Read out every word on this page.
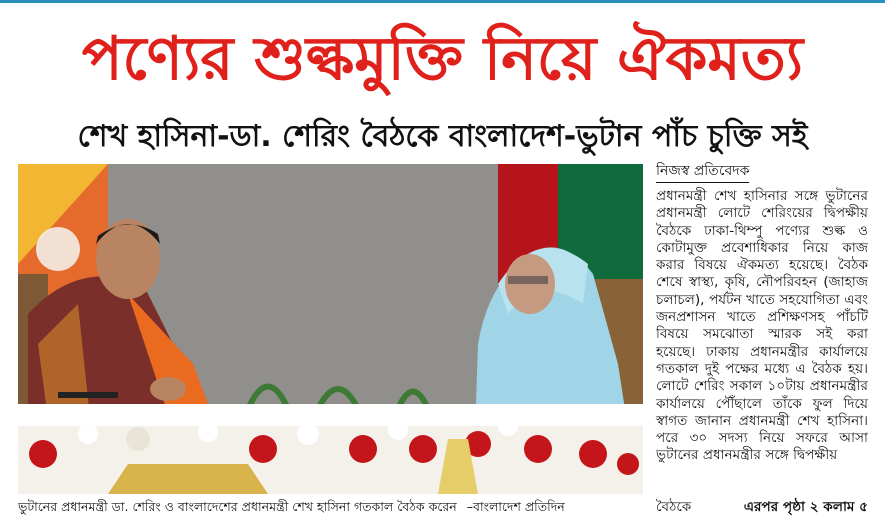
পণ্যের শুল্কমুক্তি নিয়ে ঐকমত্য
শেখ হাসিনা-ডা. শেরিং বৈঠকে বাংলাদেশ-ভুটান পাঁচ চুক্তি সই
ভুটানের প্রধানমন্ত্রী ডা. শেরিং ও বাংলাদেশের প্রধানমন্ত্রী শেখ হাসিনা গতকাল বৈঠক করেন –বাংলাদেশ প্রতিদিন
নিজস্ব প্রতিবেদক

প্রধানমন্ত্রী শেখ হাসিনার সঙ্গে ভুটানের প্রধানমন্ত্রী লোটে শেরিংয়ের দ্বিপক্ষীয় বৈঠকে ঢাকা-থিম্পু পণ্যের শুল্ক ও কোটামুক্ত প্রবেশাধিকার নিয়ে কাজ করার বিষয়ে ঐকমত্য হয়েছে। বৈঠক শেষে স্বাস্থ্য, কৃষি, নৌপরিবহন (জাহাজ চলাচল), পর্যটন খাতে সহযোগিতা এবং জনপ্রশাসন খাতে প্রশিক্ষণসহ পাঁচটি বিষয়ে সমঝোতা স্মারক সই করা হয়েছে। ঢাকায় প্রধানমন্ত্রীর কার্যালয়ে গতকাল দুই পক্ষের মধ্যে এ বৈঠক হয়। লোটে শেরিং সকাল ১০টায় প্রধানমন্ত্রীর কার্যালয়ে পৌঁছালে তাঁকে ফুল দিয়ে স্বাগত জানান প্রধানমন্ত্রী শেখ হাসিনা। পরে ৩০ সদস্য নিয়ে সফরে আসা ভুটানের প্রধানমন্ত্রীর সঙ্গে দ্বিপক্ষীয়

বৈঠকে	এরপর পৃষ্ঠা ২ কলাম ৫
